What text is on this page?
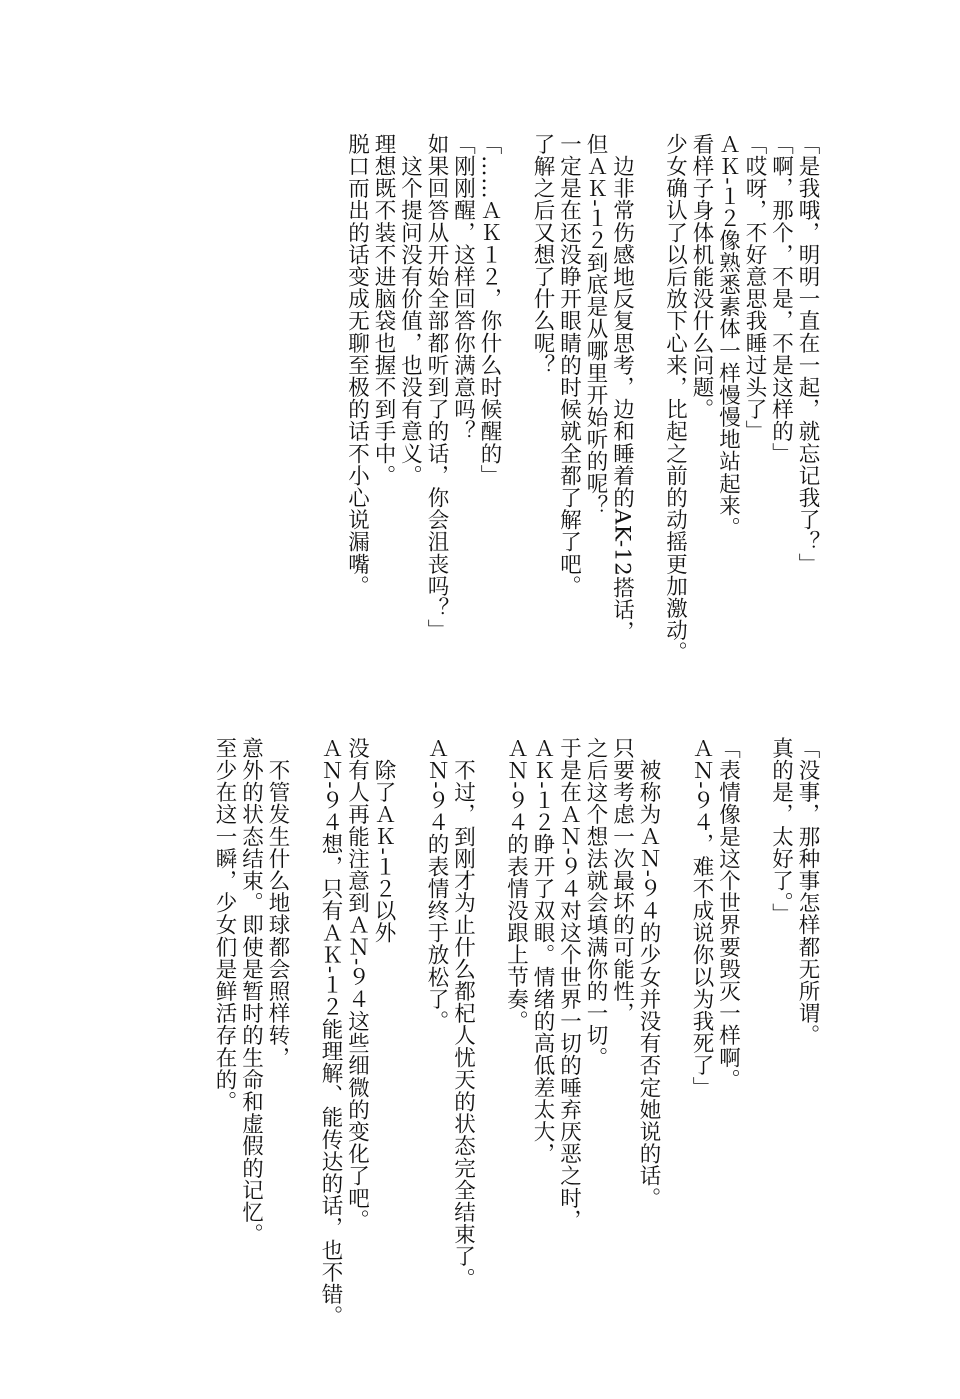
「是我哦，明明一直在一起，就忘记我了？」
「啊，那个，不是，不是这样的」
「哎呀，不好意思我睡过头了」
ＡＫ-１２像熟悉素体一样慢慢地站起来。
看样子身体机能没什么问题。
少女确认了以后放下心来，比起之前的动摇更加激动。
　边非常伤感地反复思考，边和睡着的AK-12搭话，
但ＡＫ-１２到底是从哪里开始听的呢？
一定是在还没睁开眼睛的时候就全都了解了吧。
了解之后又想了什么呢？
「……ＡＫ１２，你什么时候醒的」
「刚刚醒，这样回答你满意吗？
如果回答从开始全部都听到了的话，你会沮丧吗？」
　这个提问没有价值，也没有意义。
理想既不装不进脑袋也握不到手中。
脱口而出的话变成无聊至极的话不小心说漏嘴。
「没事，那种事怎样都无所谓。
真的是，太好了。」
「表情像是这个世界要毁灭一样啊。
ＡＮ-９４，难不成说你以为我死了」
　被称为ＡＮ-９４的少女并没有否定她说的话。
只要考虑一次最坏的可能性，
之后这个想法就会填满你的一切。
于是在ＡＮ-９４对这个世界一切的唾弃厌恶之时，
ＡＫ-１２睁开了双眼。情绪的高低差太大，
ＡＮ-９４的表情没跟上节奏。
　不过，到刚才为止什么都杞人忧天的状态完全结束了。
ＡＮ-９４的表情终于放松了。
　除了ＡＫ-１２以外
没有人再能注意到ＡＮ-９４这些细微的变化了吧。
ＡＮ-９４想，只有ＡＫ-１２能理解、能传达的话，也不错。
　不管发生什么地球都会照样转，
意外的状态结束。即使是暂时的生命和虚假的记忆。
至少在这一瞬，少女们是鲜活存在的。
